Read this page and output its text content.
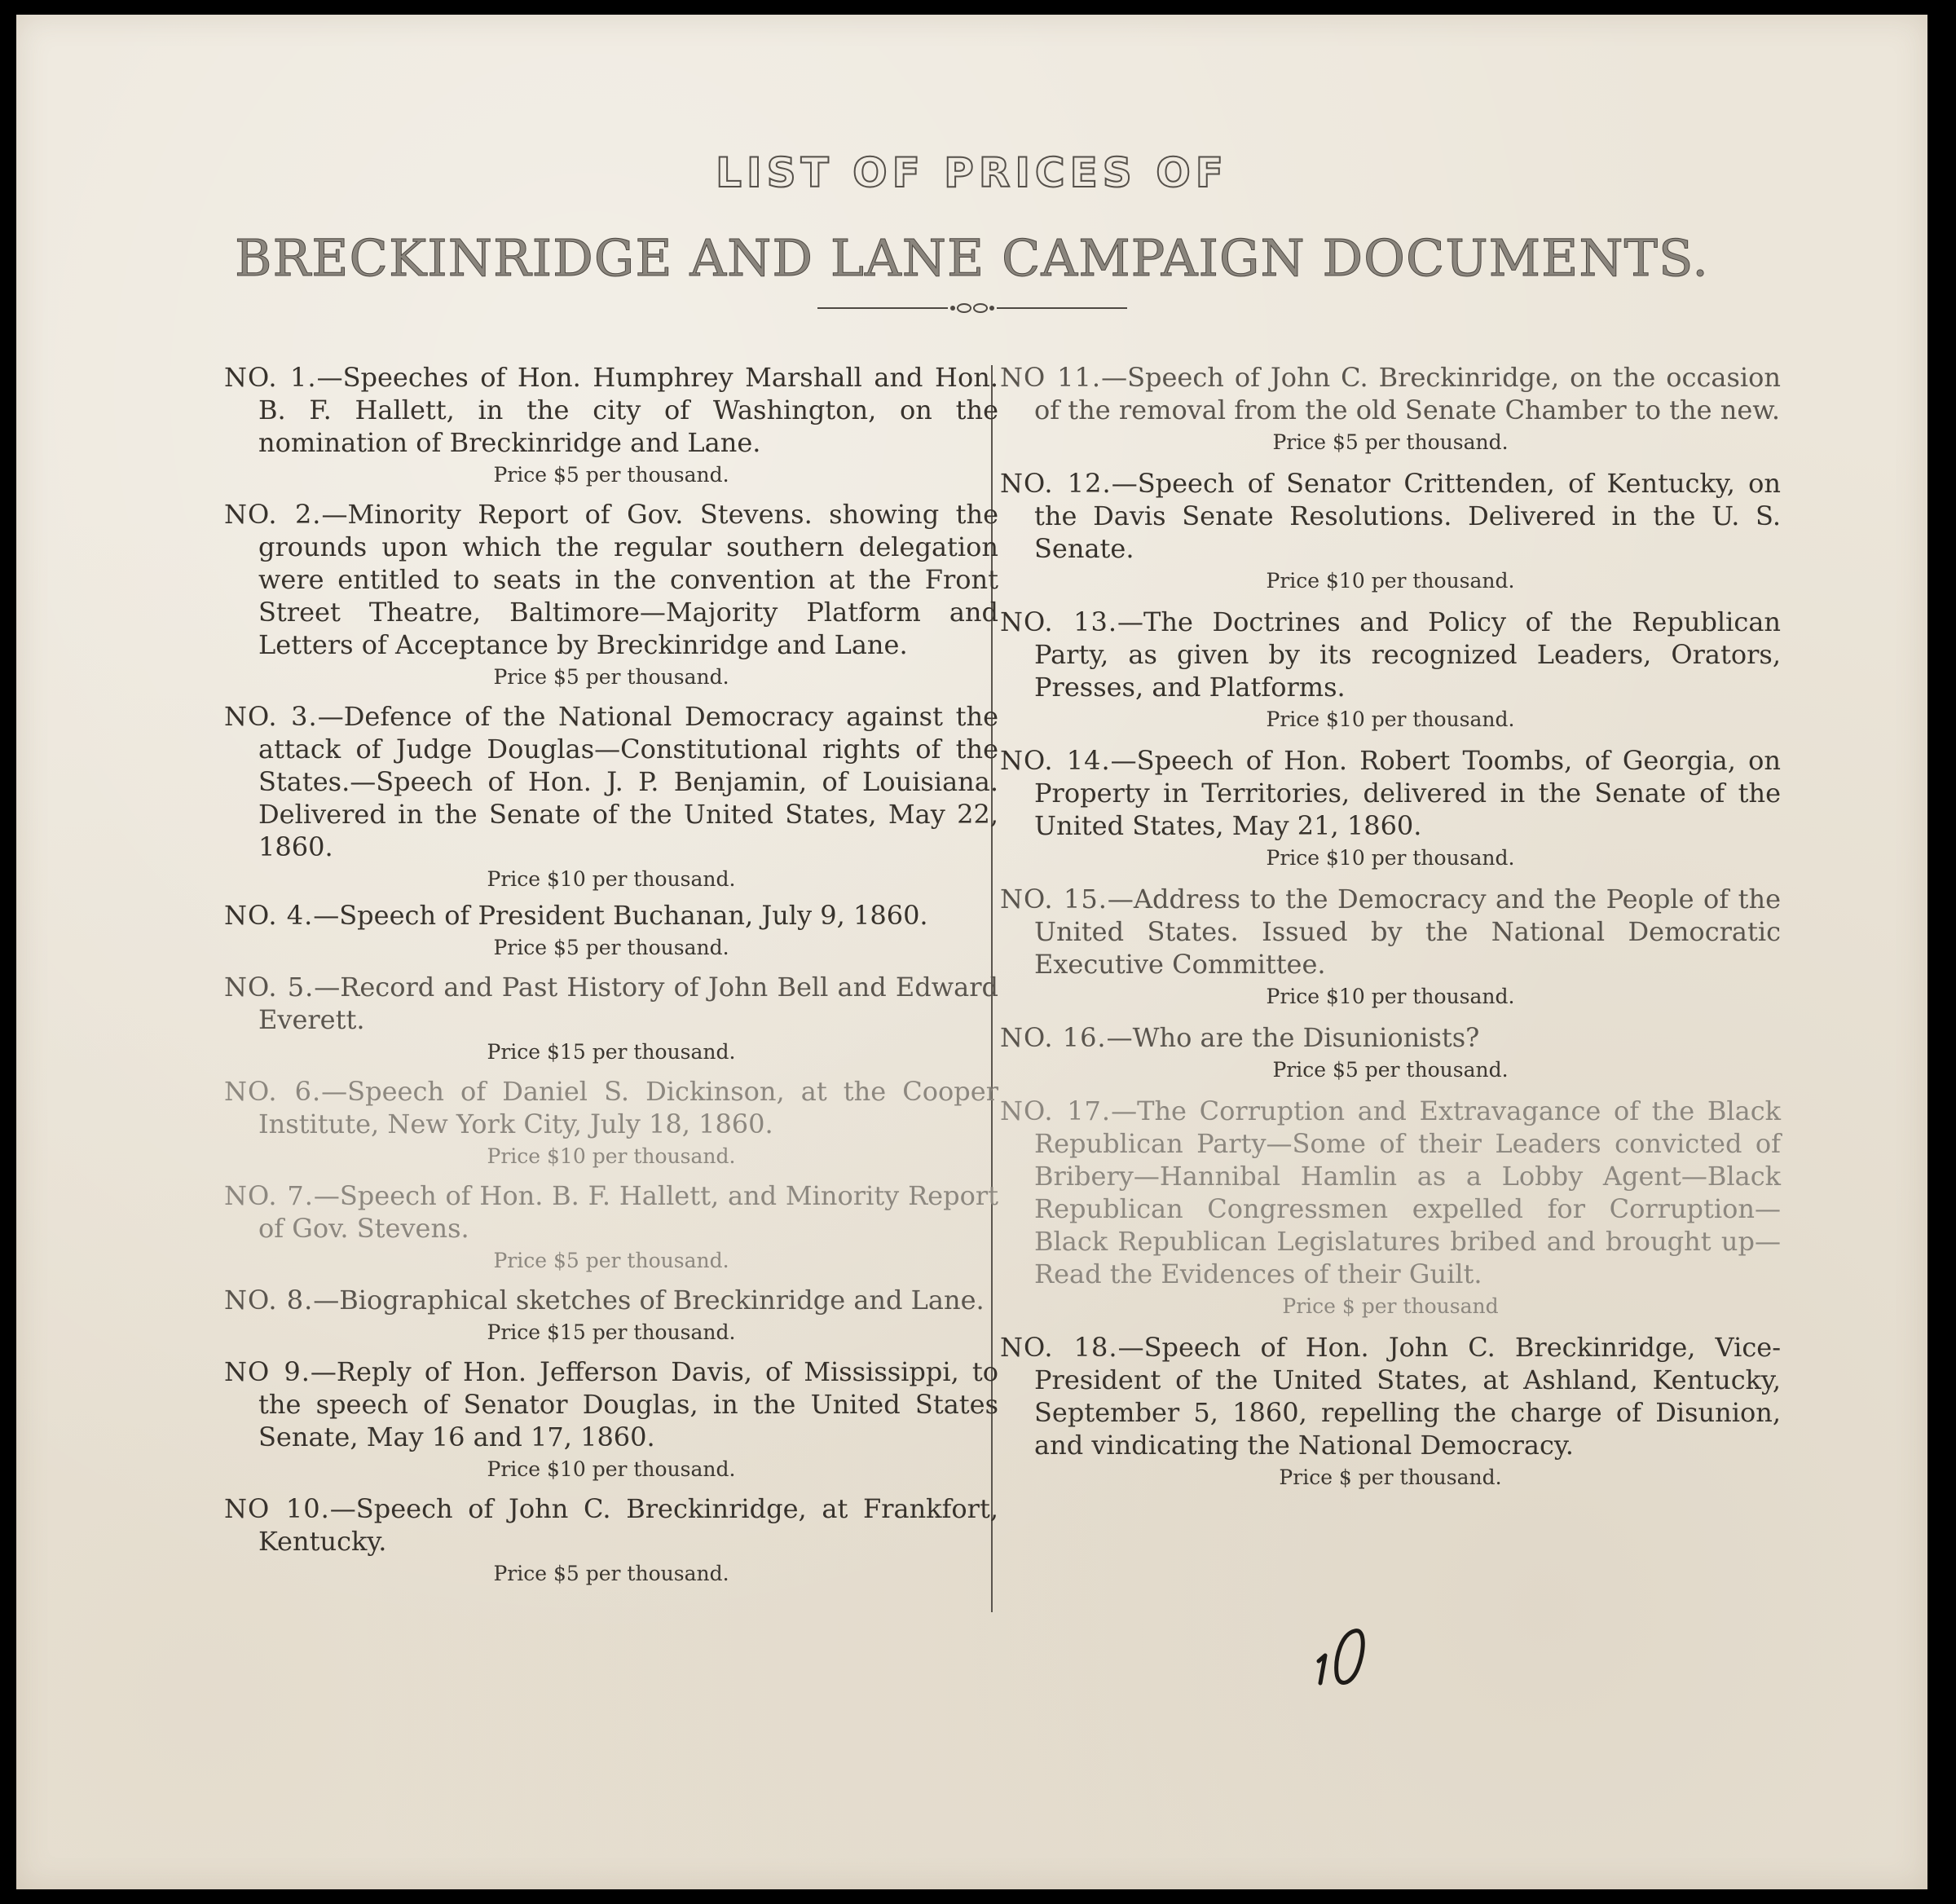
LIST OF PRICES OF
BRECKINRIDGE AND LANE CAMPAIGN DOCUMENTS.
NO. 1.—Speeches of Hon. Humphrey Marshall and Hon. B. F. Hallett, in the city of Washington, on the nomination of Breckinridge and Lane.
Price $5 per thousand.
NO. 2.—Minority Report of Gov. Stevens. showing the grounds upon which the regular southern delegation were entitled to seats in the convention at the Front Street Theatre, Baltimore—Majority Platform and Letters of Acceptance by Breckinridge and Lane.
Price $5 per thousand.
NO. 3.—Defence of the National Democracy against the attack of Judge Douglas—Constitutional rights of the States.—Speech of Hon. J. P. Benjamin, of Louisiana. Delivered in the Senate of the United States, May 22, 1860.
Price $10 per thousand.
NO. 4.—Speech of President Buchanan, July 9, 1860.
Price $5 per thousand.
NO. 5.—Record and Past History of John Bell and Edward Everett.
Price $15 per thousand.
NO. 6.—Speech of Daniel S. Dickinson, at the Cooper Institute, New York City, July 18, 1860.
Price $10 per thousand.
NO. 7.—Speech of Hon. B. F. Hallett, and Minority Report of Gov. Stevens.
Price $5 per thousand.
NO. 8.—Biographical sketches of Breckinridge and Lane.
Price $15 per thousand.
NO 9.—Reply of Hon. Jefferson Davis, of Mississippi, to the speech of Senator Douglas, in the United States Senate, May 16 and 17, 1860.
Price $10 per thousand.
NO 10.—Speech of John C. Breckinridge, at Frankfort, Kentucky.
Price $5 per thousand.
NO 11.—Speech of John C. Breckinridge, on the occasion of the removal from the old Senate Chamber to the new.
Price $5 per thousand.
NO. 12.—Speech of Senator Crittenden, of Kentucky, on the Davis Senate Resolutions. Delivered in the U. S. Senate.
Price $10 per thousand.
NO. 13.—The Doctrines and Policy of the Republican Party, as given by its recognized Leaders, Orators, Presses, and Platforms.
Price $10 per thousand.
NO. 14.—Speech of Hon. Robert Toombs, of Georgia, on Property in Territories, delivered in the Senate of the United States, May 21, 1860.
Price $10 per thousand.
NO. 15.—Address to the Democracy and the People of the United States. Issued by the National Democratic Executive Committee.
Price $10 per thousand.
NO. 16.—Who are the Disunionists?
Price $5 per thousand.
NO. 17.—The Corruption and Extravagance of the Black Republican Party—Some of their Leaders convicted of Bribery—Hannibal Hamlin as a Lobby Agent—Black Republican Congressmen expelled for Corruption—Black Republican Legislatures bribed and brought up—Read the Evidences of their Guilt.
Price $ per thousand
NO. 18.—Speech of Hon. John C. Breckinridge, Vice-President of the United States, at Ashland, Kentucky, September 5, 1860, repelling the charge of Disunion, and vindicating the National Democracy.
Price $ per thousand.
